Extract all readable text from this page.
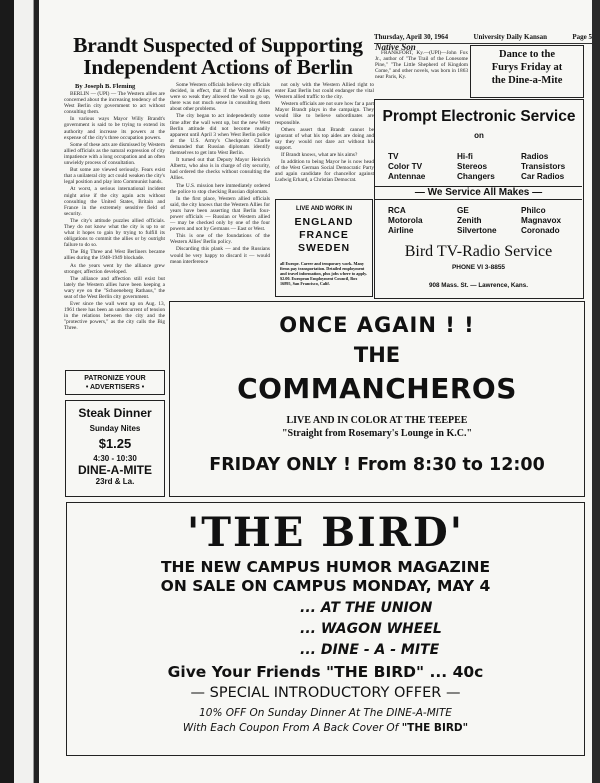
Thursday, April 30, 1964	University Daily Kansan	Page 5
Brandt Suspected of Supporting Independent Actions of Berlin
By Joseph B. Fleming

BERLIN — (UPI) — The Western allies are concerned about the increasing tendency of the West Berlin city government to act without consulting them.

In various ways Mayor Willy Brandt's government is said to be trying to extend its authority and increase its powers at the expense of the city's three occupation powers.

Some of these acts are dismissed by Western allied officials as the natural expression of city impatience with a long occupation and an often unwieldy process of consultation.

But some are viewed seriously. Fears exist that a unilateral city act could weaken the city's legal position and play into Communist hands.

At worst, a serious international incident might arise if the city again acts without consulting the United States, Britain and France in the extremely sensitive field of security.

The city's attitude puzzles allied officials. They do not know what the city is up to or what it hopes to gain by trying to fulfill its obligations to commit the allies or by outright failure to do so.

The Big Three and West Berliners became allies during the 1948-1949 blockade.

As the years went by the alliance grew stronger, affection developed.

The alliance and affection still exist but lately the Western allies have been keeping a wary eye on the "Schoeneberg Rathaus," the seat of the West Berlin city government.

Ever since the wall went up on Aug. 13, 1961 there has been an undercurrent of tension in the relations between the city and the "protective powers," as the city calls the Big Three.

Some Western officials believe city officials decided, in effect, that if the Western Allies were so weak they allowed the wall to go up, there was not much sense in consulting them about other problems.

The city began to act independently some time after the wall went up, but the new West Berlin attitude did not become readily apparent until April 3 when West Berlin police at the U.S. Army's Checkpoint Charlie demanded that Russian diplomats identify themselves to get into West Berlin.

It turned out that Deputy Mayor Heinrich Albertz, who also is in charge of city security, had ordered the checks without consulting the Allies.

The U.S. mission here immediately ordered the police to stop checking Russian diplomats.

In the first place, Western allied officials said, the city knows that the Western Allies for years have been asserting that Berlin four-power officials — Russian or Western allied — may be checked only by one of the four powers and not by Germans — East or West.

This is one of the foundations of the Western Allies' Berlin policy.

Discarding this plank — and the Russians would be very happy to discard it — would mean interference

not only with the Western Allied right to enter East Berlin but could endanger the vital Western allied traffic to the city.

Western officials are not sure how far a part Mayor Brandt plays in the campaign. They would like to believe subordinates are responsible.

Others assert that Brandt cannot be ignorant of what his top aides are doing and say they would not dare act without his support.

If Brandt knows, what are his aims?

In addition to being Mayor he is now head of the West German Social Democratic Party and again candidate for chancellor against Ludwig Erhard, a Christian Democrat.

Native Son

FRANKFORT, Ky.—(UPI)—John Fox Jr., author of "The Trail of the Lonesome Pine," "The Little Shepherd of Kingdom Come," and other novels, was born in 1863 near Paris, Ky.

Dance to the
Furys Friday at
the Dine-a-Mite
Prompt Electronic Service
on
TV
Color TV
Antennae
Hi-fi
Stereos
Changers
Radios
Transistors
Car Radios
— We Service All Makes —
RCA
Motorola
Airline
GE
Zenith
Silvertone
Philco
Magnavox
Coronado
Bird TV-Radio Service
PHONE VI 3-8855
908 Mass. St. — Lawrence, Kans.
LIVE AND WORK IN
ENGLAND
FRANCE
SWEDEN
all Europe. Career and temporary work. Many firms pay transportation. Detailed employment and travel information, plus jobs where to apply. $2.00. European Employment Council, Box 16895, San Francisco, Calif.
ONCE AGAIN ! !
THE
COMMANCHEROS
LIVE AND IN COLOR AT THE TEEPEE
"Straight from Rosemary's Lounge in K.C."
FRIDAY ONLY ! From 8:30 to 12:00
PATRONIZE YOUR
• ADVERTISERS •
Steak Dinner
Sunday Nites
$1.25
4:30 - 10:30
DINE-A-MITE
23rd & La.
'THE BIRD'
THE NEW CAMPUS HUMOR MAGAZINE
ON SALE ON CAMPUS MONDAY, MAY 4
... AT THE UNION
... WAGON WHEEL
... DINE - A - MITE
Give Your Friends "THE BIRD" ... 40c
— SPECIAL INTRODUCTORY OFFER —
10% OFF On Sunday Dinner At The DINE-A-MITE
With Each Coupon From A Back Cover Of "THE BIRD"
